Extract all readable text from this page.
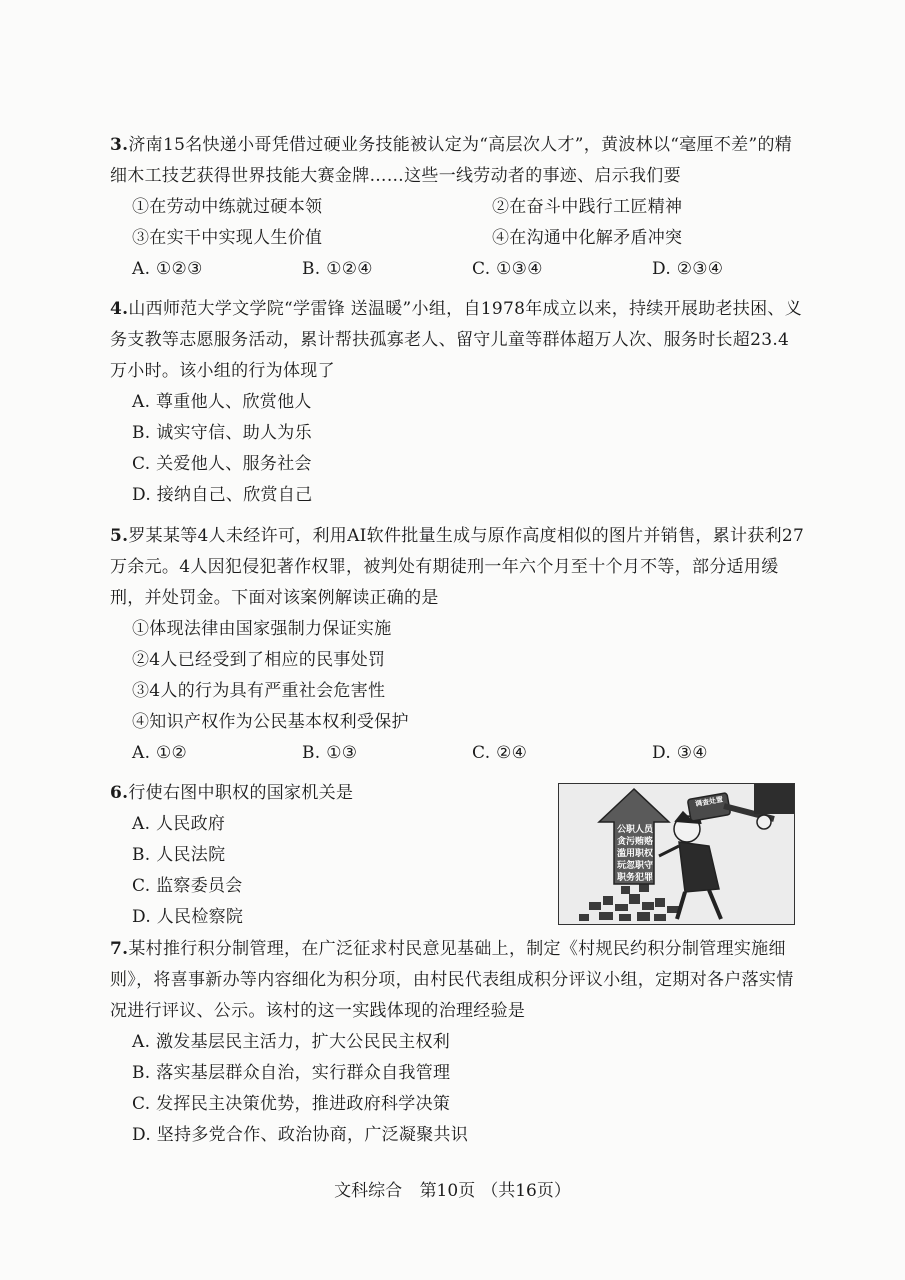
3.济南15名快递小哥凭借过硬业务技能被认定为“高层次人才”，黄波林以“毫厘不差”的精细木工技艺获得世界技能大赛金牌……这些一线劳动者的事迹、启示我们要

①在劳动中练就过硬本领	②在奋斗中践行工匠精神
③在实干中实现人生价值	④在沟通中化解矛盾冲突
A. ①②③	B. ①②④	C. ①③④	D. ②③④

4.山西师范大学文学院“学雷锋 送温暖”小组，自1978年成立以来，持续开展助老扶困、义务支教等志愿服务活动，累计帮扶孤寡老人、留守儿童等群体超万人次、服务时长超23.4万小时。该小组的行为体现了

A. 尊重他人、欣赏他人
B. 诚实守信、助人为乐
C. 关爱他人、服务社会
D. 接纳自己、欣赏自己

5.罗某某等4人未经许可，利用AI软件批量生成与原作高度相似的图片并销售，累计获利27万余元。4人因犯侵犯著作权罪，被判处有期徒刑一年六个月至十个月不等，部分适用缓刑，并处罚金。下面对该案例解读正确的是

①体现法律由国家强制力保证实施
②4人已经受到了相应的民事处罚
③4人的行为具有严重社会危害性
④知识产权作为公民基本权利受保护
A. ①②	B. ①③	C. ②④	D. ③④

6.行使右图中职权的国家机关是

A. 人民政府
B. 人民法院
C. 监察委员会
D. 人民检察院
公职人员
贪污贿赂
滥用职权
玩忽职守
职务犯罪
调查处置

7.某村推行积分制管理，在广泛征求村民意见基础上，制定《村规民约积分制管理实施细则》，将喜事新办等内容细化为积分项，由村民代表组成积分评议小组，定期对各户落实情况进行评议、公示。该村的这一实践体现的治理经验是

A. 激发基层民主活力，扩大公民民主权利
B. 落实基层群众自治，实行群众自我管理
C. 发挥民主决策优势，推进政府科学决策
D. 坚持多党合作、政治协商，广泛凝聚共识
文科综合 第10页 （共16页）
